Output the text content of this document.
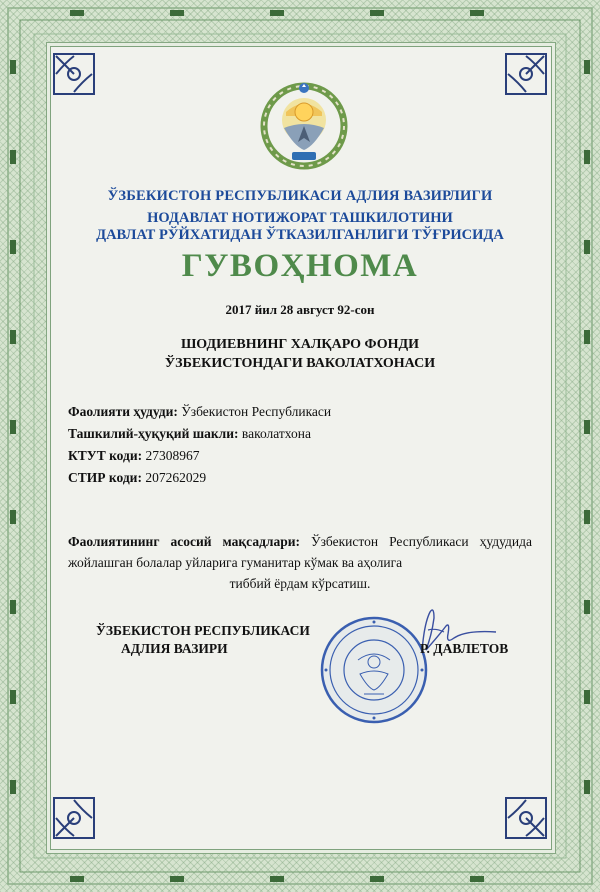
ЎЗБЕКИСТОН РЕСПУБЛИКАСИ АДЛИЯ ВАЗИРЛИГИ
НОДАВЛАТ НОТИЖОРАТ ТАШКИЛОТИНИ
ДАВЛАТ РЎЙХАТИДАН ЎТКАЗИЛГАНЛИГИ ТЎҒРИСИДА
ГУВОҲНОМА
2017 йил 28 август 92-сон
ШОДИЕВНИНГ ХАЛҚАРО ФОНДИ
ЎЗБЕКИСТОНДАГИ ВАКОЛАТХОНАСИ
Фаолияти ҳудуди: Ўзбекистон Республикаси
Ташкилий-ҳуқуқий шакли: ваколатхона
КТУТ коди: 27308967
СТИР коди: 207262029
Фаолиятининг асосий мақсадлари: Ўзбекистон Республикаси ҳудудида жойлашган болалар уйларига гуманитар кўмак ва аҳолига
тиббий ёрдам кўрсатиш.
ЎЗБЕКИСТОН РЕСПУБЛИКАСИ
АДЛИЯ ВАЗИРИ	Р. ДАВЛЕТОВ
